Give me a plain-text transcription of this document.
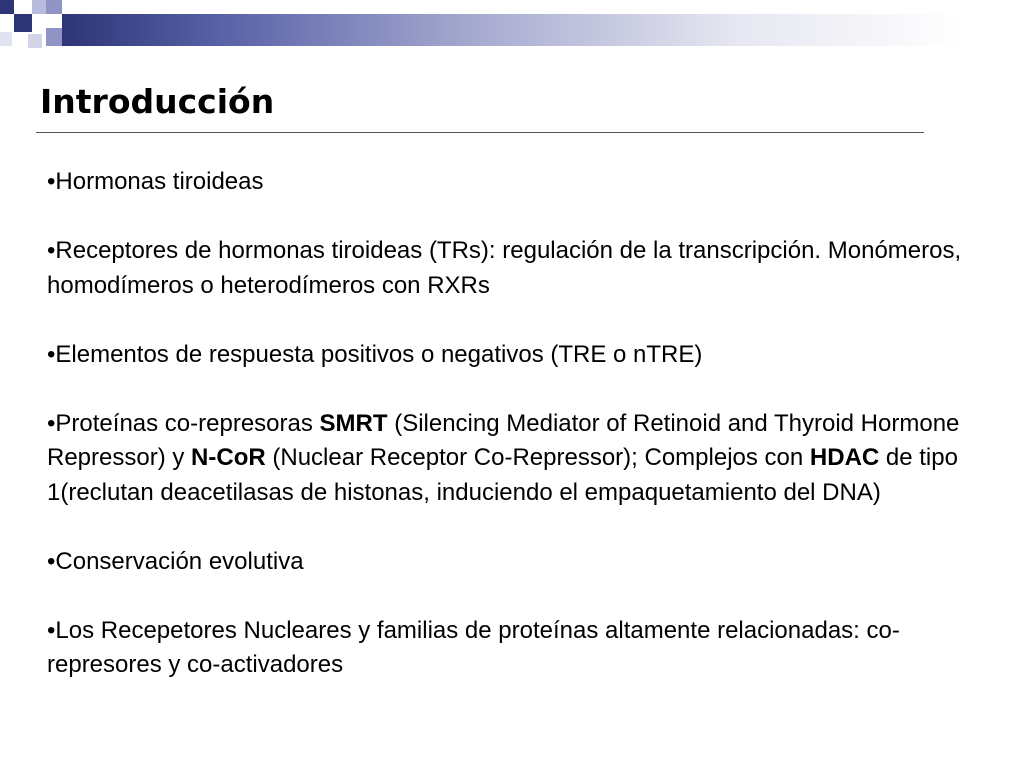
Introducción

•Hormonas tiroideas

•Receptores de hormonas tiroideas (TRs): regulación de la transcripción. Monómeros, homodímeros o heterodímeros con RXRs

•Elementos de respuesta positivos o negativos (TRE o nTRE)

•Proteínas co-represoras SMRT (Silencing Mediator of Retinoid and Thyroid Hormone Repressor) y N-CoR (Nuclear Receptor Co-Repressor); Complejos con HDAC de tipo 1(reclutan deacetilasas de histonas, induciendo el empaquetamiento del DNA)

•Conservación evolutiva

•Los Recepetores Nucleares y familias de proteínas altamente relacionadas: co-represores y co-activadores
